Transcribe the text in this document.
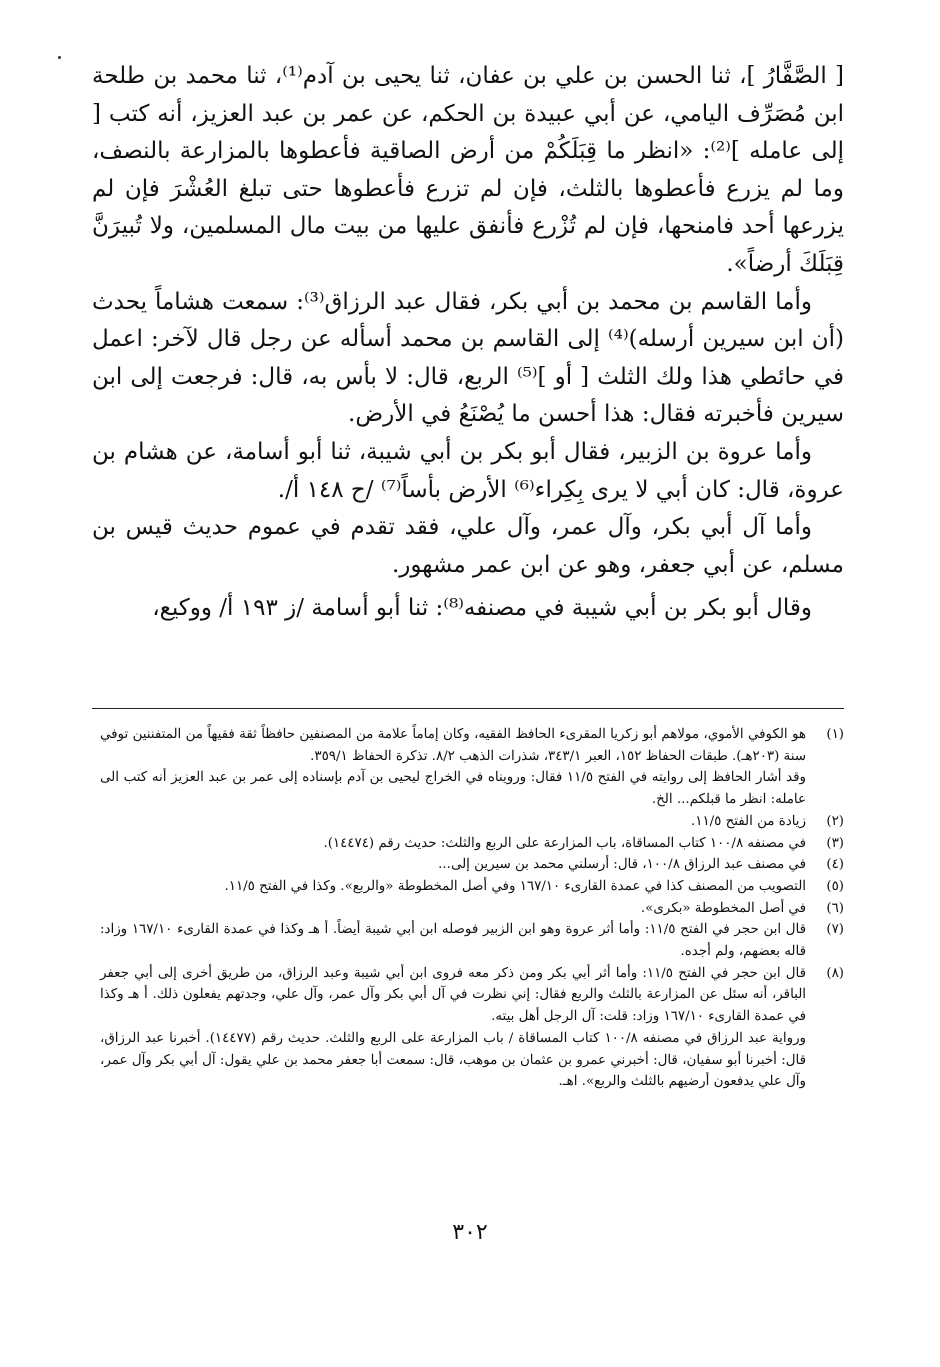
[ الصَّفَّارُ ]، ثنا الحسن بن علي بن عفان، ثنا يحيى بن آدم⁽¹⁾، ثنا محمد بن طلحة ابن مُصَرِّف اليامي، عن أبي عبيدة بن الحكم، عن عمر بن عبد العزيز، أنه كتب [ إلى عامله ]⁽²⁾: «انظر ما قِبَلَكُمْ من أرض الصاقية فأعطوها بالمزارعة بالنصف، وما لم يزرع فأعطوها بالثلث، فإن لم تزرع فأعطوها حتى تبلغ العُشْرَ فإن لم يزرعها أحد فامنحها، فإن لم تُزْرع فأنفق عليها من بيت مال المسلمين، ولا تُبيرَنَّ قِبَلَكَ أرضاً».

وأما القاسم بن محمد بن أبي بكر، فقال عبد الرزاق⁽³⁾: سمعت هشاماً يحدث (أن ابن سيرين أرسله)⁽⁴⁾ إلى القاسم بن محمد أسأله عن رجل قال لآخر: اعمل في حائطي هذا ولك الثلث [ أو ]⁽⁵⁾ الربع، قال: لا بأس به، قال: فرجعت إلى ابن سيرين فأخبرته فقال: هذا أحسن ما يُصْنَعُ في الأرض.

وأما عروة بن الزبير، فقال أبو بكر بن أبي شيبة، ثنا أبو أسامة، عن هشام بن عروة، قال: كان أبي لا يرى بِكِراء⁽⁶⁾ الأرض بأساً⁽⁷⁾ /ح ١٤٨ أ/.

وأما آل أبي بكر، وآل عمر، وآل علي، فقد تقدم في عموم حديث قيس بن مسلم، عن أبي جعفر، وهو عن ابن عمر مشهور.

وقال أبو بكر بن أبي شيبة في مصنفه⁽⁸⁾: ثنا أبو أسامة /ز ١٩٣ أ/ ووكيع،

(١)
هو الكوفي الأموي، مولاهم أبو زكريا المقرىء الحافظ الفقيه، وكان إماماً علامة من المصنفين حافظاً ثقة فقيهاً من المتفننين توفي سنة (٢٠٣هـ). طبقات الحفاظ ١٥٢، العبر ٣٤٣/١، شذرات الذهب ٨/٢. تذكرة الحفاظ ٣٥٩/١.
وقد أشار الحافظ إلى روايته في الفتح ١١/٥ فقال: ورويناه في الخراج ليحيى بن آدم بإسناده إلى عمر بن عبد العزيز أنه كتب الى عامله: انظر ما قبلكم... الخ.
(٢)
زيادة من الفتح ١١/٥.
(٣)
في مصنفه ١٠٠/٨ كتاب المساقاة، باب المزارعة على الربع والثلث: حديث رقم (١٤٤٧٤).
(٤)
في مصنف عبد الرزاق ١٠٠/٨، قال: أرسلني محمد بن سيرين إلى...
(٥)
التصويب من المصنف كذا في عمدة القارىء ١٦٧/١٠ وفي أصل المخطوطة «والربع». وكذا في الفتح ١١/٥.
(٦)
في أصل المخطوطة «بكرى».
(٧)
قال ابن حجر في الفتح ١١/٥: وأما أثر عروة وهو ابن الزبير فوصله ابن أبي شيبة أيضاً. أ هـ وكذا في عمدة القارىء ١٦٧/١٠ وزاد: قاله بعضهم، ولم أجده.
(٨)
قال ابن حجر في الفتح ١١/٥: وأما أثر أبي بكر ومن ذكر معه فروى ابن أبي شيبة وعبد الرزاق، من طريق أخرى إلى أبي جعفر الباقر، أنه سئل عن المزارعة بالثلث والربع فقال: إني نظرت في آل أبي بكر وآل عمر، وآل علي، وجدتهم يفعلون ذلك. أ هـ وكذا في عمدة القارىء ١٦٧/١٠ وزاد: قلت: آل الرجل أهل بيته.
ورواية عبد الرزاق في مصنفه ١٠٠/٨ كتاب المساقاة / باب المزارعة على الربع والثلث. حديث رقم (١٤٤٧٧). أخبرنا عبد الرزاق، قال: أخبرنا أبو سفيان، قال: أخبرني عمرو بن عثمان بن موهب، قال: سمعت أبا جعفر محمد بن علي يقول: آل أبي بكر وآل عمر، وآل علي يدفعون أرضيهم بالثلث والربع». اهـ.
٣٠٢
